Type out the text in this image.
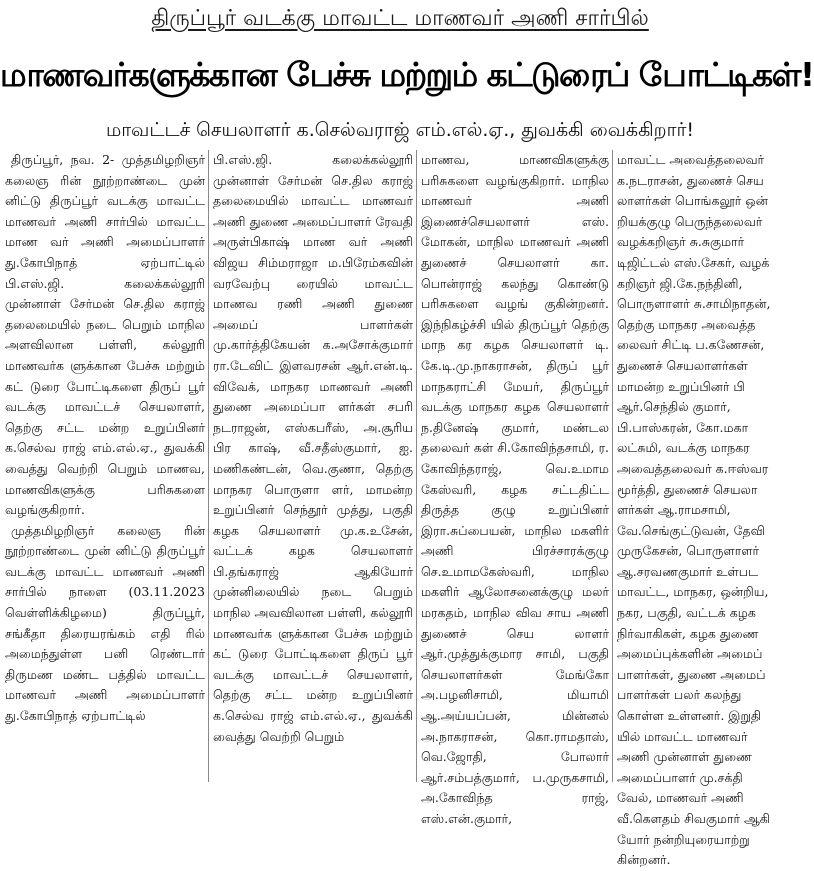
திருப்பூர் வடக்கு மாவட்ட மாணவர் அணி சார்பில்
மாணவர்களுக்கான பேச்சு மற்றும் கட்டுரைப் போட்டிகள்!
மாவட்டச் செயலாளர் க.செல்வராஜ் எம்.எல்.ஏ., துவக்கி வைக்கிறார்!

திருப்பூர், நவ. 2- முத்தமிழறிஞர் கலைஞ ரின் நூற்றாண்டை முன் னிட்டு திருப்பூர் வடக்கு மாவட்ட மாணவர் அணி சார்பில் மாவட்ட மாண வர் அணி அமைப்பாளர் து.கோபிநாத் ஏற்பாட்டில் பி.எஸ்.ஜி. கலைக்கல்லூரி முன்னாள் சேர்மன் செ.தில கராஜ் தலைமையில் நடை பெறும் மாநில அளவிலான பள்ளி, கல்லூரி மாணவர்க ளுக்கான பேச்சு மற்றும் கட் டுரை போட்டிகளை திருப் பூர் வடக்கு மாவட்டச் செயலாளர், தெற்கு சட்ட மன்ற உறுப்பினர் க.செல்வ ராஜ் எம்.எல்.ஏ., துவக்கி வைத்து வெற்றி பெறும் மாணவ, மாணவிகளுக்கு பரிசுகளை வழங்குகிறார்.

முத்தமிழறிஞர் கலைஞ ரின் நூற்றாண்டை முன் னிட்டு திருப்பூர் வடக்கு மாவட்ட மாணவர் அணி சார்பில் நாளை (03.11.2023 வெள்ளிக்கிழமை) திருப்பூர், சங்கீதா திரையரங்கம் எதி ரில் அமைந்துள்ள பனி ரெண்டார் திருமண மண்ட பத்தில் மாவட்ட மாணவர் அணி அமைப்பாளர் து.கோபிநாத் ஏற்பாட்டில்

பி.எஸ்.ஜி. கலைக்கல்லூரி முன்னாள் சேர்மன் செ.தில கராஜ் தலைமையில் மாவட்ட மாணவர் அணி துணை அமைப்பாளர் ரேவதி அருள்பிகாஷ் மாண வர் அணி விஜய சிம்மராஜா ம.பிரேம்கவின் வரவேற்பு ரையில் மாவட்ட மாணவ ரணி அணி துணை அமைப் பாளர்கள் மு.கார்த்திகேயன் க.அசோக்குமார் ரா.டேவிட் இளவரசன் ஆர்.என்.டி. விவேக், மாநகர மாணவர் அணி துணை அமைப்பா ளர்கள் சபரி நடராஜன், எஸ்கபரீஸ், அ.சூரிய பிர காஷ், வீ.சதீஸ்குமார், ஐ. மணிகண்டன், வெ.குணா, தெற்கு மாநகர பொருளா ளர், மாமன்ற உறுப்பினர் செந்தூர் முத்து, பகுதி கழக செயலாளர் மு.க.உசேன், வட்டக் கழக செயலாளர் பி.தங்கராஜ் ஆகியோர் முன்னிலையில் நடை பெறும் மாநில அவவிலான பள்ளி, கல்லூரி மாணவர்க ளுக்கான பேச்சு மற்றும் கட் டுரை போட்டிகளை திருப் பூர் வடக்கு மாவட்டச் செயலாளர், தெற்கு சட்ட மன்ற உறுப்பினர் க.செல்வ ராஜ் எம்.எல்.ஏ., துவக்கி வைத்து வெற்றி பெறும்

மாணவ, மாணவிகளுக்கு பரிசுகளை வழங்குகிறார். மாநில மாணவர் அணி இணைச்செயலாளர் எஸ். மோகன், மாநில மாணவர் அணி துணைச் செயலாளர் கா. பொன்ராஜ் கலந்து கொண்டு பரிசுகளை வழங் குகின்றனர். இந்நிகழ்ச்சி யில் திருப்பூர் தெற்கு மாந கர கழக செயலாளர் டி. கே.டி.மு.நாகராசன், திருப் பூர் மாநகராட்சி மேயர், திருப்பூர் வடக்கு மாநகர கழக செயலாளர் ந.தினேஷ் குமார், மண்டல தலைவர் கள் சி.கோவிந்தசாமி, ர. கோவிந்தராஜ், வெ.உமாம கேஸ்வரி, கழக சட்டதிட்ட திருத்த குழு உறுப்பினர் இரா.சுப்பையன், மாநில மகளிர் அணி பிரச்சாரக்குழு செ.உமாமகேஸ்வரி, மாநில மகளிர் ஆலோசனைக்குழு மலர் மரகதம், மாநில விவ சாய அணி துணைச் செய லாளர் ஆர்.முத்துக்குமார சாமி, பகுதி செயலாளர்கள் மேங்கோ அ.பழனிசாமி, மியாமி ஆ.அய்யப்பன், மின்னல் அ.நாகராசன், கொ.ராமதாஸ், வெ.ஜோதி, போலார் ஆர்.சம்பத்குமார், ப.முருகசாமி, அ.கோவிந்த ராஜ், எஸ்.என்.குமார்,

மாவட்ட அவைத்தலைவர்

க.நடராசன், துணைச் செய

லாளர்கள் பொங்கலூர் ஒன்

றியக்குழு பெருந்தலைவர்

வழக்கறிஞர் சு.சுகுமார்

டிஜிட்டல் எஸ்.சேகர், வழக்

கறிஞர் ஜி.கே.நந்தினி,

பொருளாளர் சு.சாமிநாதன்,

தெற்கு மாநகர அவைத்த

லைவர் சிட்டி ப.கணேசன்,

துணைச் செயலாளர்கள்

மாமன்ற உறுப்பினர் பி

ஆர்.செந்தில் குமார்,

பி.பாஸ்கரன், கோ.மகா

லட்சுமி, வடக்கு மாநகர

அவைத்தலைவர் க.ஈஸ்வர

மூர்த்தி, துணைச் செயலா

ளர்கள் ஆ.ராமசாமி,

வே.செங்குட்டுவன், தேவி

முருகேசன், பொருளாளர்

ஆ.சரவணகுமார் உள்பட

மாவட்ட, மாநகர, ஒன்றிய,

நகர, பகுதி, வட்டக் கழக

நிர்வாகிகள், கழக துணை

அமைப்புக்களின் அமைப்

பாளர்கள், துணை அமைப்

பாளர்கள் பலர் கலந்து

கொள்ள உள்ளனர். இறுதி

யில் மாவட்ட மாணவர்

அணி முன்னாள் துணை

அமைப்பாளர் மு.சக்தி

வேல், மாணவர் அணி

வீ.கௌதம் சிவகுமார் ஆகி

யோர் நன்றியுரையாற்று

கின்றனர்.
